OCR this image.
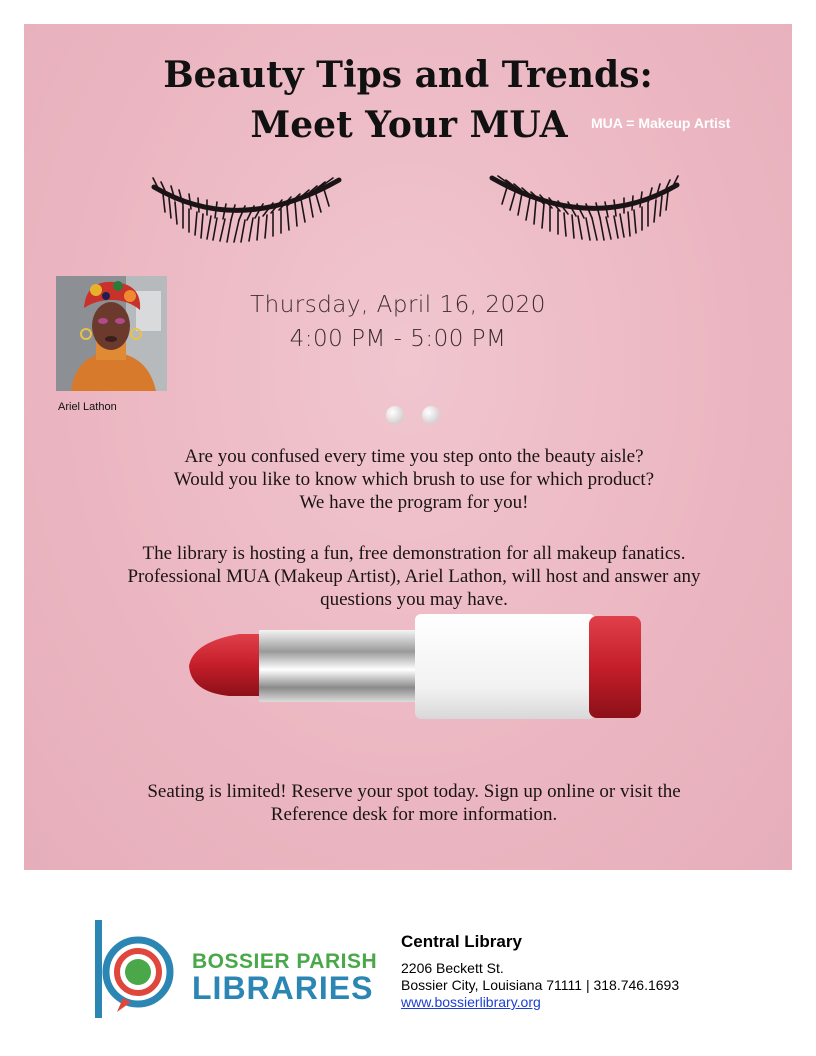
Beauty Tips and Trends:
Meet Your MUA	MUA = Makeup Artist
Ariel Lathon
Thursday, April 16, 2020
4:00 PM - 5:00 PM
Are you confused every time you step onto the beauty aisle?
Would you like to know which brush to use for which product?
We have the program for you!
The library is hosting a fun, free demonstration for all makeup fanatics.
Professional MUA (Makeup Artist), Ariel Lathon, will host and answer any
questions you may have.
Seating is limited! Reserve your spot today. Sign up online or visit the
Reference desk for more information.
BOSSIER PARISH
LIBRARIES
Central Library
2206 Beckett St.
Bossier City, Louisiana 71111 | 318.746.1693
www.bossierlibrary.org
